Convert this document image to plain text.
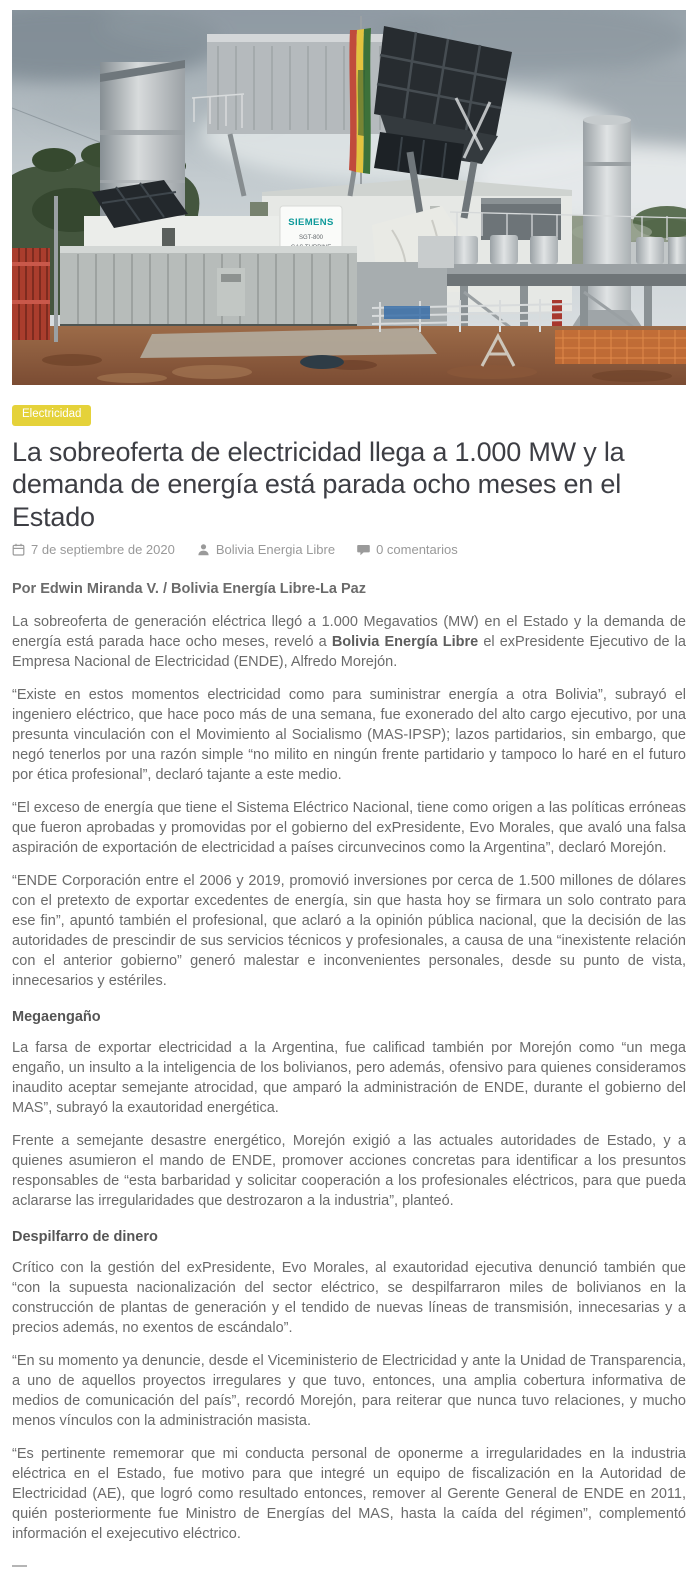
SIEMENS
SGT-800
Electricidad
La sobreoferta de electricidad llega a 1.000 MW y la demanda de energía está parada ocho meses en el Estado
7 de septiembre de 2020	Bolivia Energia Libre	0 comentarios

Por Edwin Miranda V. / Bolivia Energía Libre-La Paz

La sobreoferta de generación eléctrica llegó a 1.000 Megavatios (MW) en el Estado y la demanda de energía está parada hace ocho meses, reveló a Bolivia Energía Libre el exPresidente Ejecutivo de la Empresa Nacional de Electricidad (ENDE), Alfredo Morejón.

“Existe en estos momentos electricidad como para suministrar energía a otra Bolivia”, subrayó el ingeniero eléctrico, que hace poco más de una semana, fue exonerado del alto cargo ejecutivo, por una presunta vinculación con el Movimiento al Socialismo (MAS-IPSP); lazos partidarios, sin embargo, que negó tenerlos por una razón simple “no milito en ningún frente partidario y tampoco lo haré en el futuro por ética profesional”, declaró tajante a este medio.

“El exceso de energía que tiene el Sistema Eléctrico Nacional, tiene como origen a las políticas erróneas que fueron aprobadas y promovidas por el gobierno del exPresidente, Evo Morales, que avaló una falsa aspiración de exportación de electricidad a países circunvecinos como la Argentina”, declaró Morejón.

“ENDE Corporación entre el 2006 y 2019, promovió inversiones por cerca de 1.500 millones de dólares con el pretexto de exportar excedentes de energía, sin que hasta hoy se firmara un solo contrato para ese fin”, apuntó también el profesional, que aclaró a la opinión pública nacional, que la decisión de las autoridades de prescindir de sus servicios técnicos y profesionales, a causa de una “inexistente relación con el anterior gobierno” generó malestar e inconvenientes personales, desde su punto de vista, innecesarios y estériles.

Megaengaño

La farsa de exportar electricidad a la Argentina, fue calificad también por Morejón como “un mega engaño, un insulto a la inteligencia de los bolivianos, pero además, ofensivo para quienes consideramos inaudito aceptar semejante atrocidad, que amparó la administración de ENDE, durante el gobierno del MAS”, subrayó la exautoridad energética.

Frente a semejante desastre energético, Morejón exigió a las actuales autoridades de Estado, y a quienes asumieron el mando de ENDE, promover acciones concretas para identificar a los presuntos responsables de “esta barbaridad y solicitar cooperación a los profesionales eléctricos, para que pueda aclararse las irregularidades que destrozaron a la industria”, planteó.

Despilfarro de dinero

Crítico con la gestión del exPresidente, Evo Morales, al exautoridad ejecutiva denunció también que “con la supuesta nacionalización del sector eléctrico, se despilfarraron miles de bolivianos en la construcción de plantas de generación y el tendido de nuevas líneas de transmisión, innecesarias y a precios además, no exentos de escándalo”.

“En su momento ya denuncie, desde el Viceministerio de Electricidad y ante la Unidad de Transparencia, a uno de aquellos proyectos irregulares y que tuvo, entonces, una amplia cobertura informativa de medios de comunicación del país”, recordó Morejón, para reiterar que nunca tuvo relaciones, y mucho menos vínculos con la administración masista.

“Es pertinente rememorar que mi conducta personal de oponerme a irregularidades en la industria eléctrica en el Estado, fue motivo para que integré un equipo de fiscalización en la Autoridad de Electricidad (AE), que logró como resultado entonces, remover al Gerente General de ENDE en 2011, quién posteriormente fue Ministro de Energías del MAS, hasta la caída del régimen”, complementó información el exejecutivo eléctrico.

—
